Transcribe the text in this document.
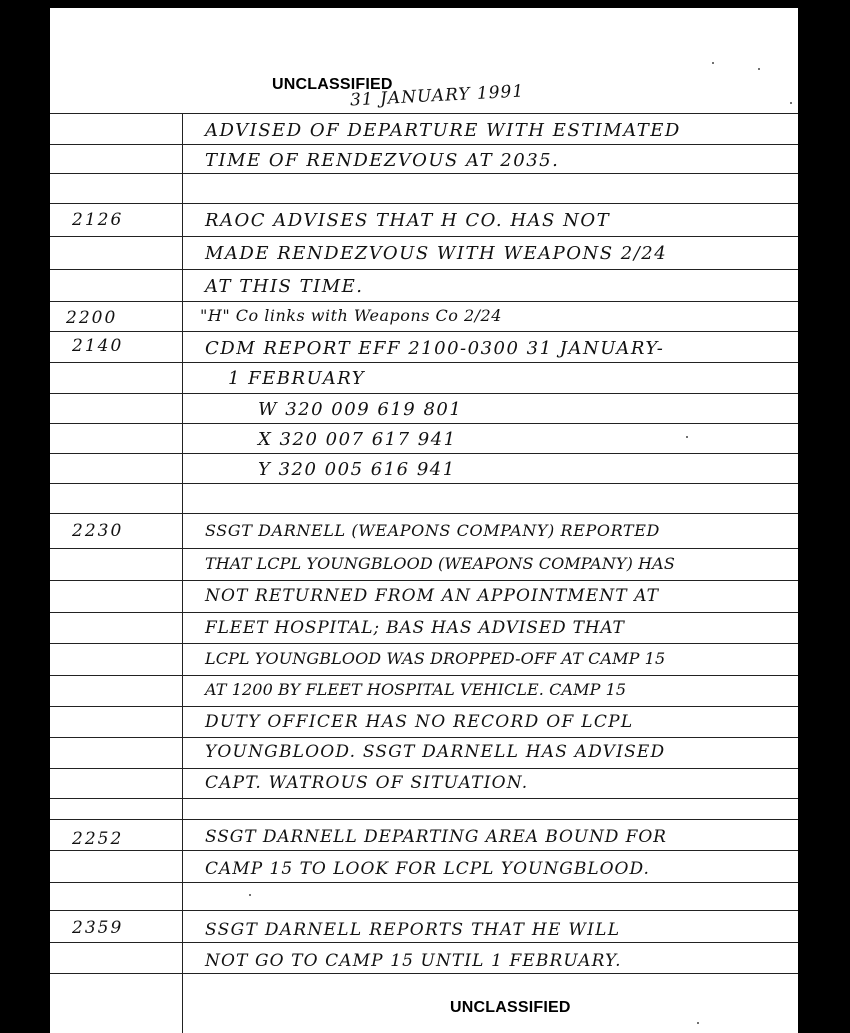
UNCLASSIFIED
31 JANUARY 1991
ADVISED OF DEPARTURE WITH ESTIMATED
TIME OF RENDEZVOUS AT 2035.
2126	RAOC ADVISES THAT H CO. HAS NOT
MADE RENDEZVOUS WITH WEAPONS 2/24
AT THIS TIME.
2200	"H" Co links with Weapons Co 2/24
2140	CDM REPORT EFF 2100-0300 31 JANUARY-
1 FEBRUARY
W 320 009 619 801
X 320 007 617 941
Y 320 005 616 941
2230	SSGT DARNELL (WEAPONS COMPANY) REPORTED
THAT LCPL YOUNGBLOOD (WEAPONS COMPANY) HAS
NOT RETURNED FROM AN APPOINTMENT AT
FLEET HOSPITAL; BAS HAS ADVISED THAT
LCPL YOUNGBLOOD WAS DROPPED-OFF AT CAMP 15
AT 1200 BY FLEET HOSPITAL VEHICLE. CAMP 15
DUTY OFFICER HAS NO RECORD OF LCPL
YOUNGBLOOD. SSGT DARNELL HAS ADVISED
CAPT. WATROUS OF SITUATION.
2252	SSGT DARNELL DEPARTING AREA BOUND FOR
CAMP 15 TO LOOK FOR LCPL YOUNGBLOOD.
2359	SSGT DARNELL REPORTS THAT HE WILL
NOT GO TO CAMP 15 UNTIL 1 FEBRUARY.
UNCLASSIFIED
